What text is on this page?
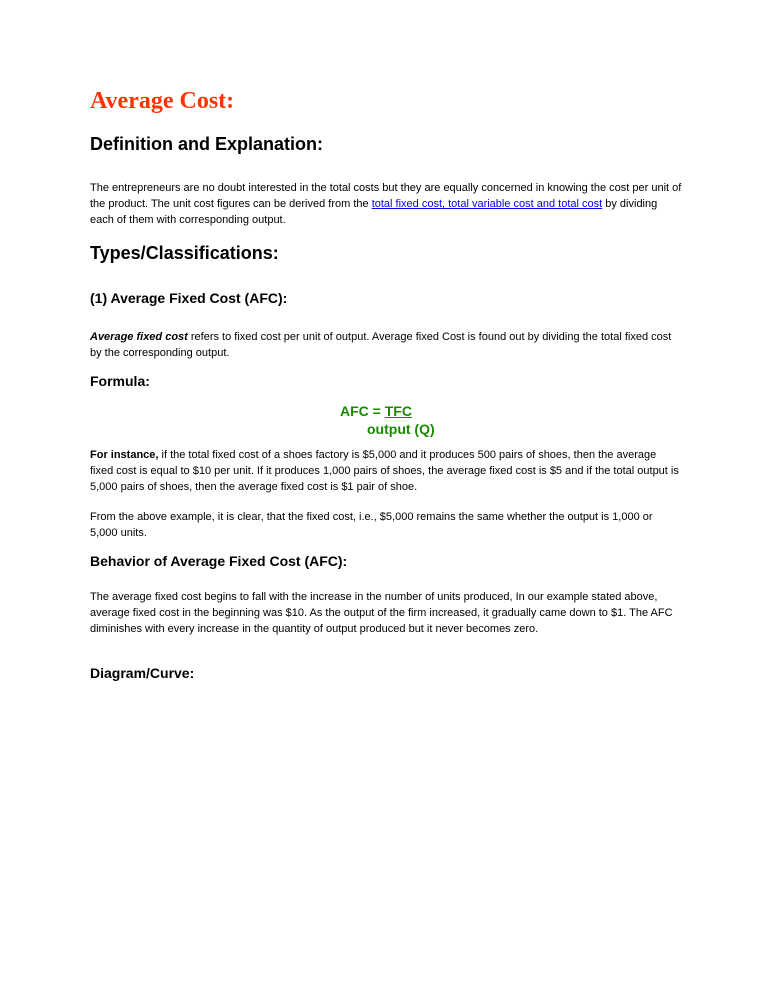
Average Cost:
Definition and Explanation:

The entrepreneurs are no doubt interested in the total costs but they are equally concerned in knowing the cost per unit of the product. The unit cost figures can be derived from the total fixed cost, total variable cost and total cost by dividing each of them with corresponding output.

Types/Classifications:
(1) Average Fixed Cost (AFC):

Average fixed cost refers to fixed cost per unit of output. Average fixed Cost is found out by dividing the total fixed cost by the corresponding output.

Formula:
AFC = TFC
output (Q)

For instance, if the total fixed cost of a shoes factory is $5,000 and it produces 500 pairs of shoes, then the average fixed cost is equal to $10 per unit. If it produces 1,000 pairs of shoes, the average fixed cost is $5 and if the total output is 5,000 pairs of shoes, then the average fixed cost is $1 pair of shoe.

From the above example, it is clear, that the fixed cost, i.e., $5,000 remains the same whether the output is 1,000 or 5,000 units.

Behavior of Average Fixed Cost (AFC):

The average fixed cost begins to fall with the increase in the number of units produced, In our example stated above, average fixed cost in the beginning was $10. As the output of the firm increased, it gradually came down to $1. The AFC diminishes with every increase in the quantity of output produced but it never becomes zero.

Diagram/Curve:
